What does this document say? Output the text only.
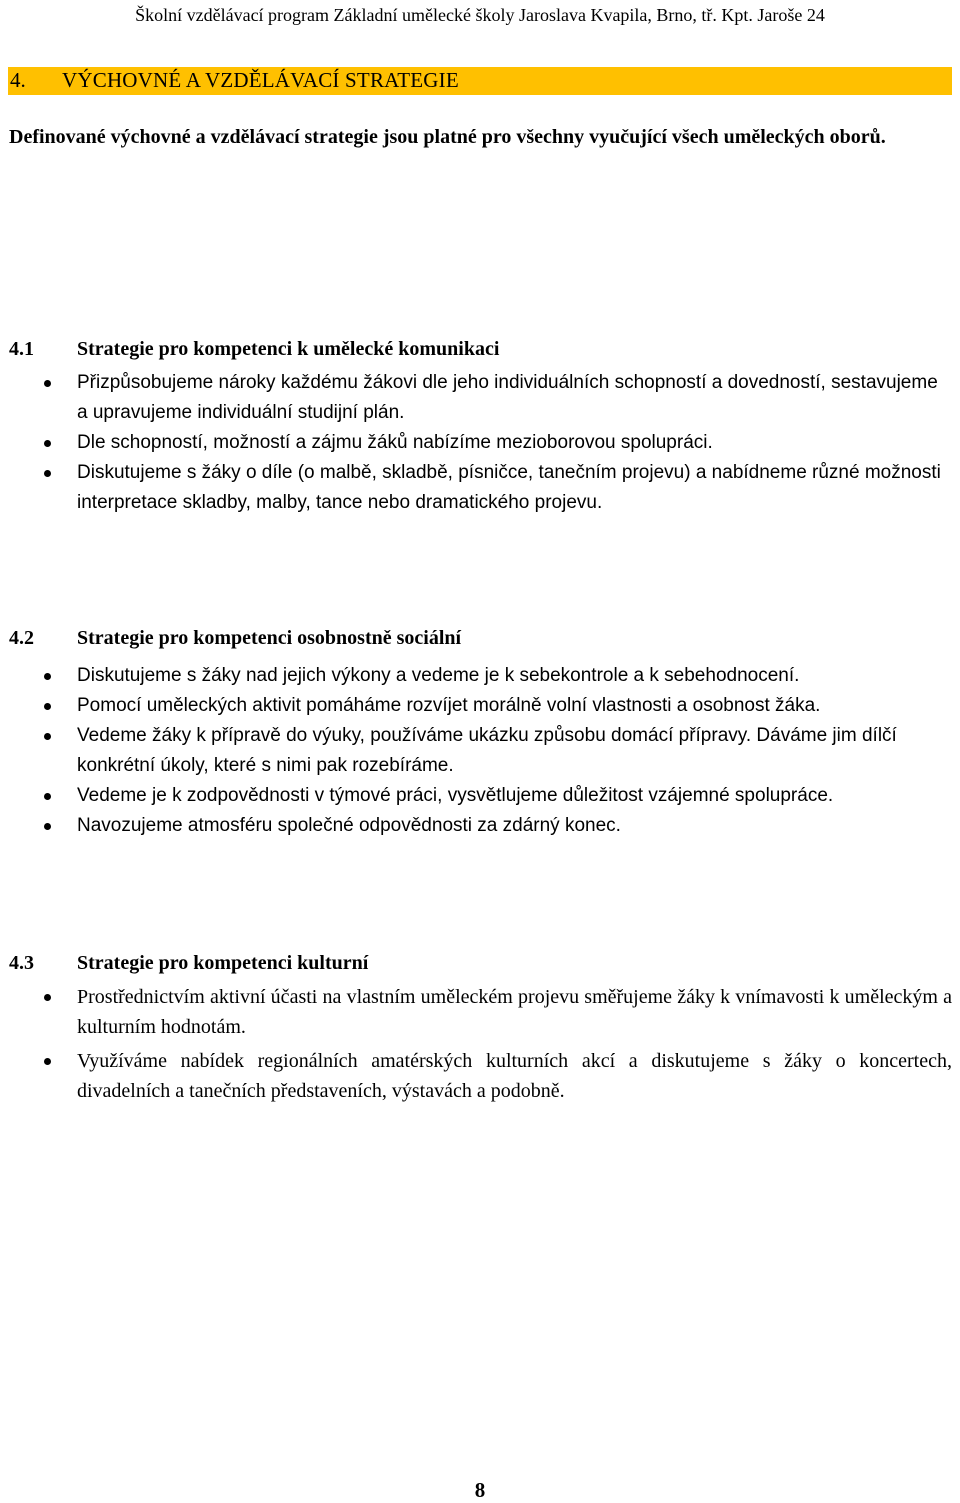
Školní vzdělávací program Základní umělecké školy Jaroslava Kvapila, Brno, tř. Kpt. Jaroše 24
4. VÝCHOVNÉ A VZDĚLÁVACÍ STRATEGIE
Definované výchovné a vzdělávací strategie jsou platné pro všechny vyučující všech uměleckých oborů.
4.1 Strategie pro kompetenci k umělecké komunikaci
Přizpůsobujeme nároky každému žákovi dle jeho individuálních schopností a dovedností, sestavujeme a upravujeme individuální studijní plán.
Dle schopností, možností a zájmu žáků nabízíme mezioborovou spolupráci.
Diskutujeme s žáky o díle (o malbě, skladbě, písničce, tanečním projevu) a nabídneme různé možnosti interpretace skladby, malby, tance nebo dramatického projevu.
4.2 Strategie pro kompetenci osobnostně sociální
Diskutujeme s žáky nad jejich výkony a vedeme je k sebekontrole a k sebehodnocení.
Pomocí uměleckých aktivit pomáháme rozvíjet morálně volní vlastnosti a osobnost žáka.
Vedeme žáky k přípravě do výuky, používáme ukázku způsobu domácí přípravy. Dáváme jim dílčí konkrétní úkoly, které s nimi pak rozebíráme.
Vedeme je k zodpovědnosti v týmové práci, vysvětlujeme důležitost vzájemné spolupráce.
Navozujeme atmosféru společné odpovědnosti za zdárný konec.
4.3 Strategie pro kompetenci kulturní
Prostřednictvím aktivní účasti na vlastním uměleckém projevu směřujeme žáky k vnímavosti k uměleckým a kulturním hodnotám.
Využíváme nabídek regionálních amatérských kulturních akcí a diskutujeme s žáky o koncertech, divadelních a tanečních představeních, výstavách a podobně.
8
